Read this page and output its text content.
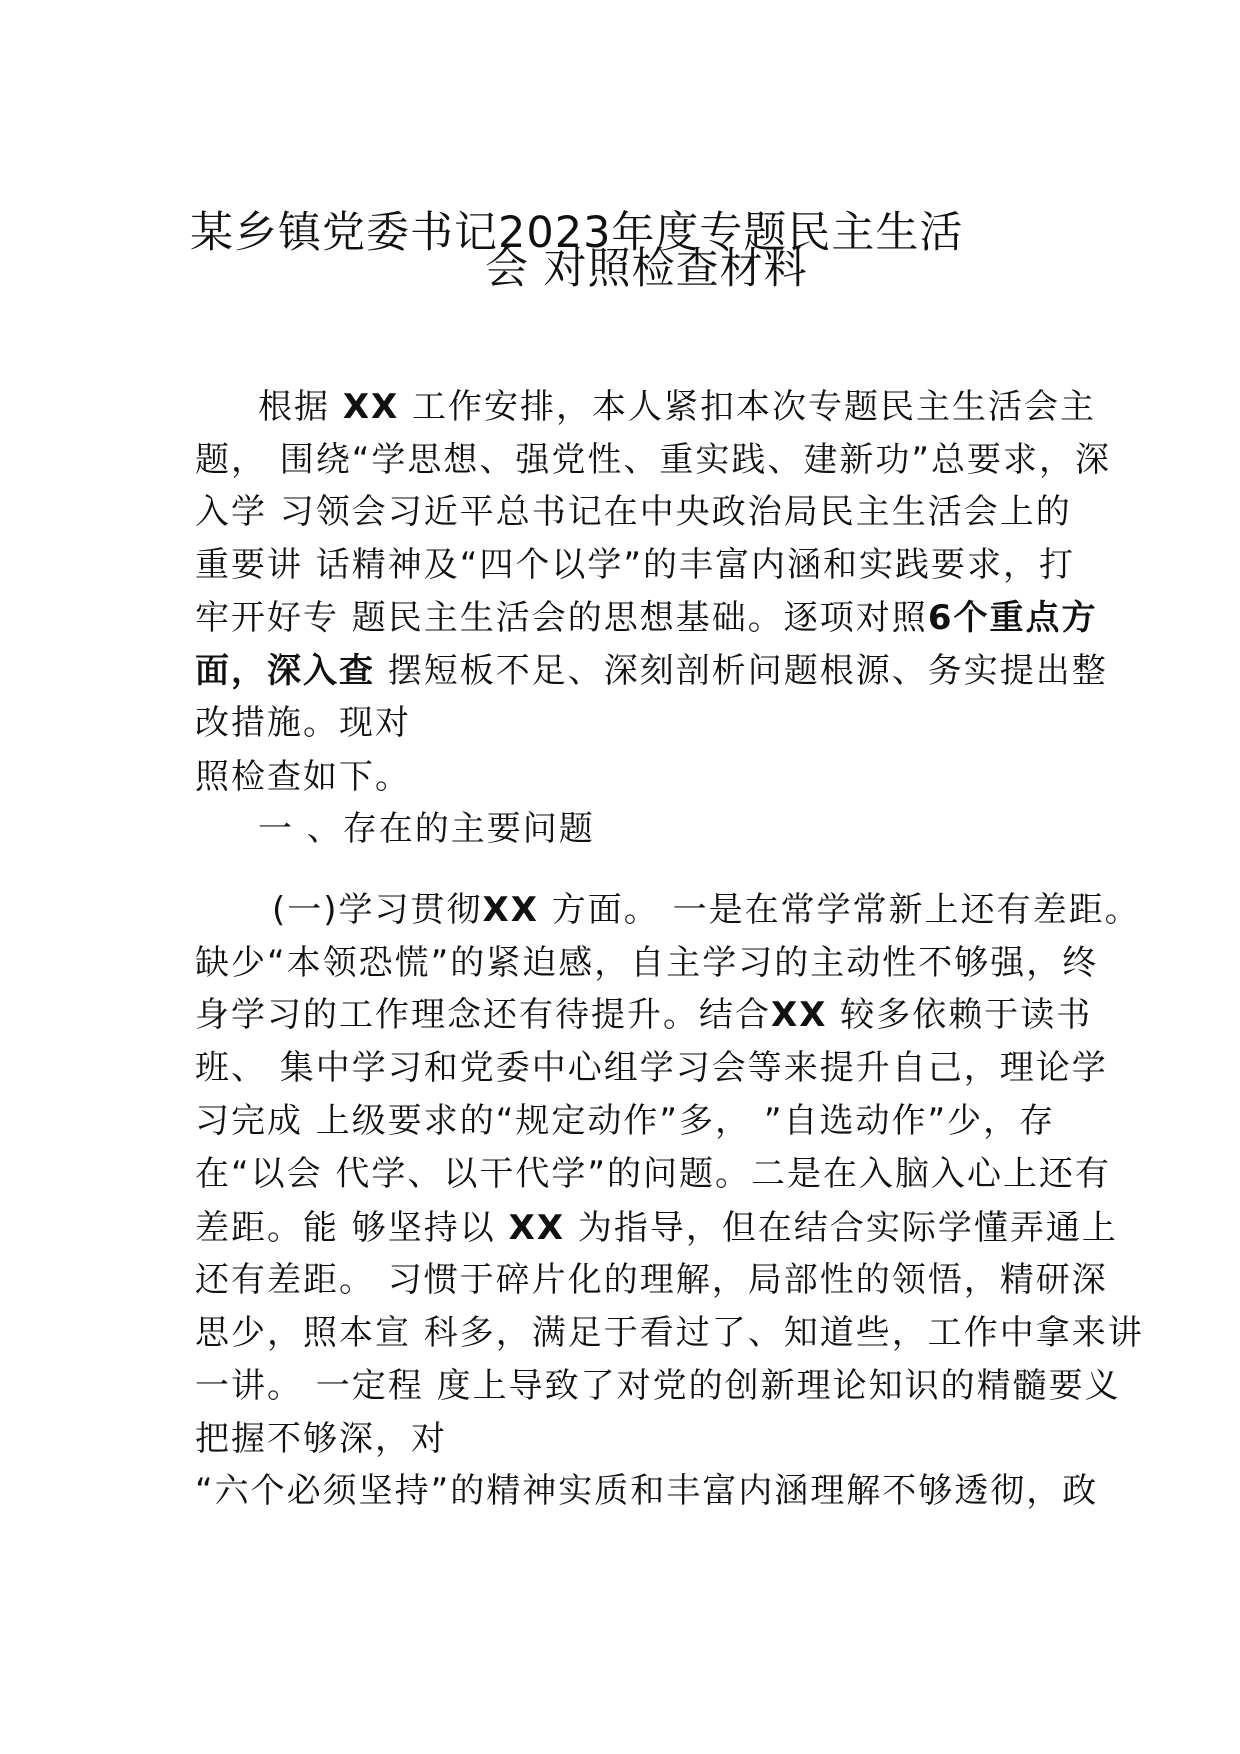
某乡镇党委书记2023年度专题民主生活
会 对照检查材料
根据 XX 工作安排，本人紧扣本次专题民主生活会主
题， 围绕“学思想、强党性、重实践、建新功”总要求，深
入学 习领会习近平总书记在中央政治局民主生活会上的
重要讲 话精神及“四个以学”的丰富内涵和实践要求，打
牢开好专 题民主生活会的思想基础。逐项对照6个重点方
面，深入查 摆短板不足、深刻剖析问题根源、务实提出整
改措施。现对
照检查如下。
一 、存在的主要问题
(一)学习贯彻XX 方面。 一是在常学常新上还有差距。
缺少“本领恐慌”的紧迫感，自主学习的主动性不够强，终
身学习的工作理念还有待提升。结合XX 较多依赖于读书
班、 集中学习和党委中心组学习会等来提升自己，理论学
习完成 上级要求的“规定动作”多， ”自选动作”少，存
在“以会 代学、以干代学”的问题。二是在入脑入心上还有
差距。能 够坚持以 XX 为指导，但在结合实际学懂弄通上
还有差距。 习惯于碎片化的理解，局部性的领悟，精研深
思少，照本宣 科多，满足于看过了、知道些，工作中拿来讲
一讲。 一定程 度上导致了对党的创新理论知识的精髓要义
把握不够深，对
“六个必须坚持”的精神实质和丰富内涵理解不够透彻，政
